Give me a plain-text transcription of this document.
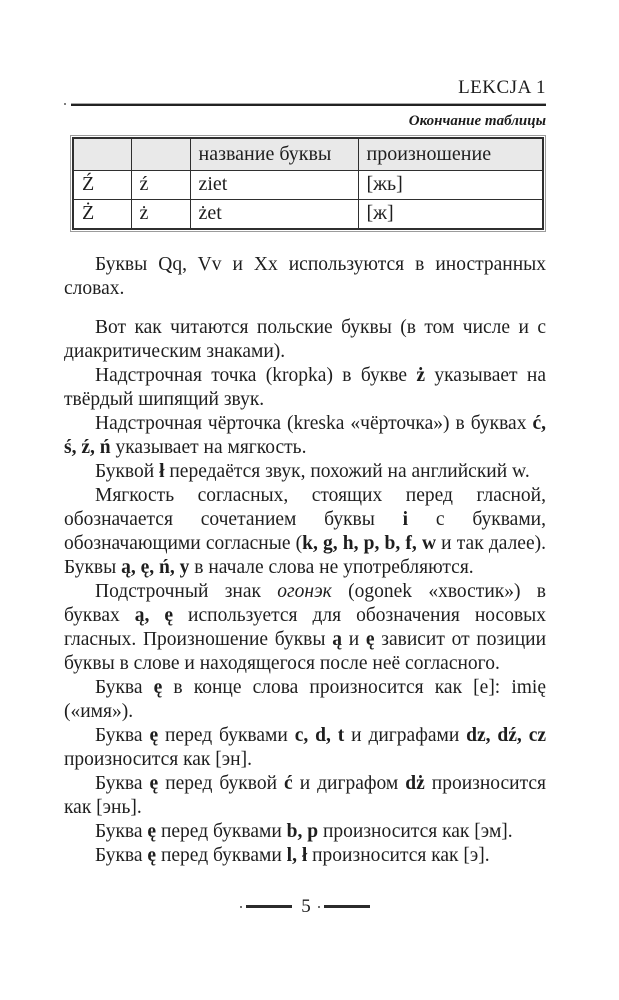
LEKCJA 1
Окончание таблицы
		название буквы	произношение
Ź	ź	ziet	[жь]
Ż	ż	żet	[ж]

Буквы Qq, Vv и Xx используются в иностранных словах.

Вот как читаются польские буквы (в том числе и с диакритическим знаками).

Надстрочная точка (kropka) в букве ż указывает на твёрдый шипящий звук.

Надстрочная чёрточка (kreska «чёрточка») в буквах ć, ś, ź, ń указывает на мягкость.

Буквой ł передаётся звук, похожий на английский w.

Мягкость согласных, стоящих перед гласной, обозначается сочетанием буквы i с буквами, обозначающими согласные (k, g, h, p, b, f, w и так далее). Буквы ą, ę, ń, y в начале слова не употребляются.

Подстрочный знак огонэк (ogonek «хвостик») в буквах ą, ę используется для обозначения носовых гласных. Произношение буквы ą и ę зависит от позиции буквы в слове и находящегося после неё согласного.

Буква ę в конце слова произносится как [е]: imię («имя»).

Буква ę перед буквами c, d, t и диграфами dz, dź, cz произносится как [эн].

Буква ę перед буквой ć и диграфом dż произносится как [энь].

Буква ę перед буквами b, p произносится как [эм].

Буква ę перед буквами l, ł произносится как [э].

5
